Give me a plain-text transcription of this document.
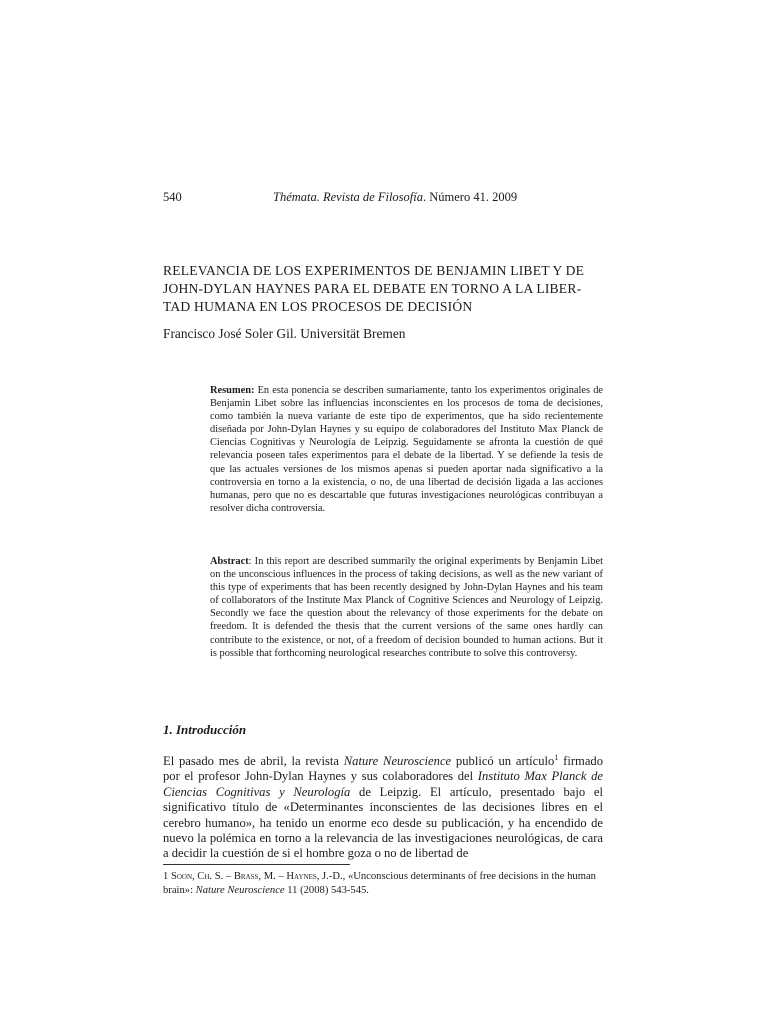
540	Thémata. Revista de Filosofía. Número 41. 2009
RELEVANCIA DE LOS EXPERIMENTOS DE BENJAMIN LIBET Y DE JOHN-DYLAN HAYNES PARA EL DEBATE EN TORNO A LA LIBER-TAD HUMANA EN LOS PROCESOS DE DECISIÓN
Francisco José Soler Gil. Universität Bremen

Resumen: En esta ponencia se describen sumariamente, tanto los experimentos originales de Benjamin Libet sobre las influencias inconscientes en los procesos de toma de decisiones, como también la nueva variante de este tipo de experimentos, que ha sido recientemente diseñada por John-Dylan Haynes y su equipo de colaboradores del Instituto Max Planck de Ciencias Cognitivas y Neurología de Leipzig. Seguidamente se afronta la cuestión de qué relevancia poseen tales experimentos para el debate de la libertad. Y se defiende la tesis de que las actuales versiones de los mismos apenas si pueden aportar nada significativo a la controversia en torno a la existencia, o no, de una libertad de decisión ligada a las acciones humanas, pero que no es descartable que futuras investigaciones neurológicas contribuyan a resolver dicha controversia.

Abstract: In this report are described summarily the original experiments by Benjamin Libet on the unconscious influences in the process of taking decisions, as well as the new variant of this type of experiments that has been recently designed by John-Dylan Haynes and his team of collaborators of the Institute Max Planck of Cognitive Sciences and Neurology of Leipzig. Secondly we face the question about the relevancy of those experiments for the debate on freedom. It is defended the thesis that the current versions of the same ones hardly can contribute to the existence, or not, of a freedom of decision bounded to human actions. But it is possible that forthcoming neurological researches contribute to solve this controversy.

1. Introducción

El pasado mes de abril, la revista Nature Neuroscience publicó un artículo$^1$ firmado por el profesor John-Dylan Haynes y sus colaboradores del Instituto Max Planck de Ciencias Cognitivas y Neurología de Leipzig. El artículo, presentado bajo el significativo título de «Determinantes inconscientes de las decisiones libres en el cerebro humano», ha tenido un enorme eco desde su publicación, y ha encendido de nuevo la polémica en torno a la relevancia de las investigaciones neurológicas, de cara a decidir la cuestión de si el hombre goza o no de libertad de

1 Soon, Ch. S. – Brass, M. – Haynes, J.-D., «Unconscious determinants of free decisions in the human brain»: Nature Neuroscience 11 (2008) 543-545.
